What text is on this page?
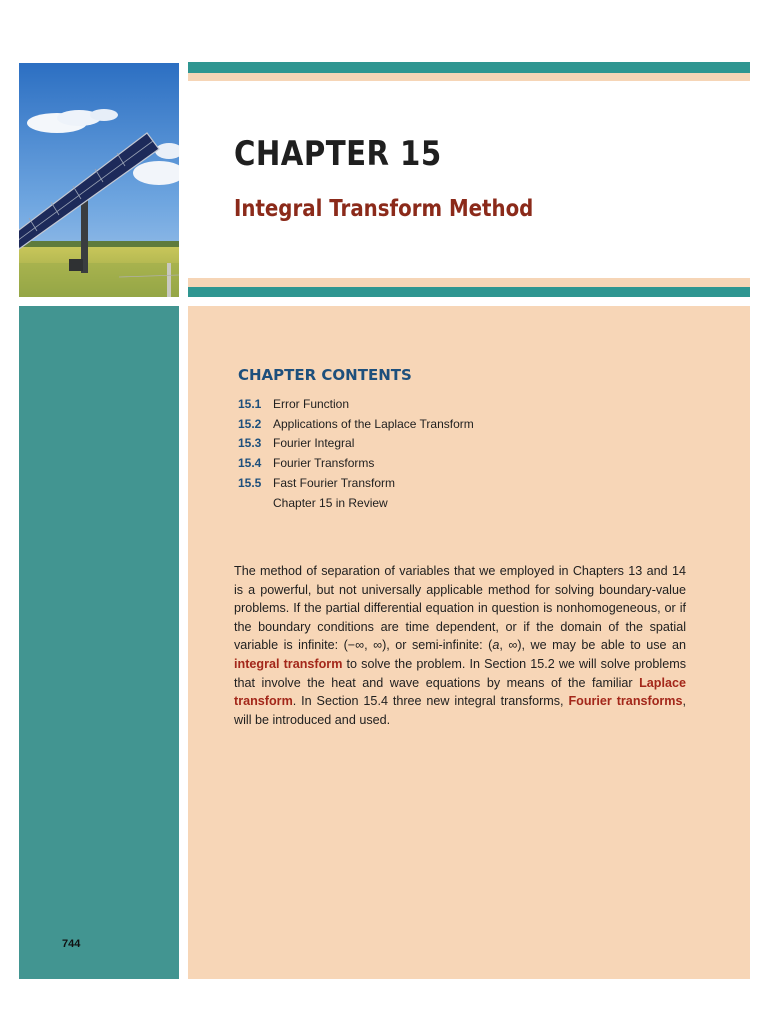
CHAPTER 15
Integral Transform Method
CHAPTER CONTENTS
15.1 Error Function
15.2 Applications of the Laplace Transform
15.3 Fourier Integral
15.4 Fourier Transforms
15.5 Fast Fourier Transform
Chapter 15 in Review
The method of separation of variables that we employed in Chapters 13 and 14 is a powerful, but not universally applicable method for solving boundary-value problems. If the partial differential equation in question is nonhomogeneous, or if the boundary conditions are time dependent, or if the domain of the spatial variable is infinite: (−∞, ∞), or semi-infinite: (a, ∞), we may be able to use an integral transform to solve the problem. In Section 15.2 we will solve problems that involve the heat and wave equations by means of the familiar Laplace transform. In Section 15.4 three new integral transforms, Fourier transforms, will be introduced and used.
744
